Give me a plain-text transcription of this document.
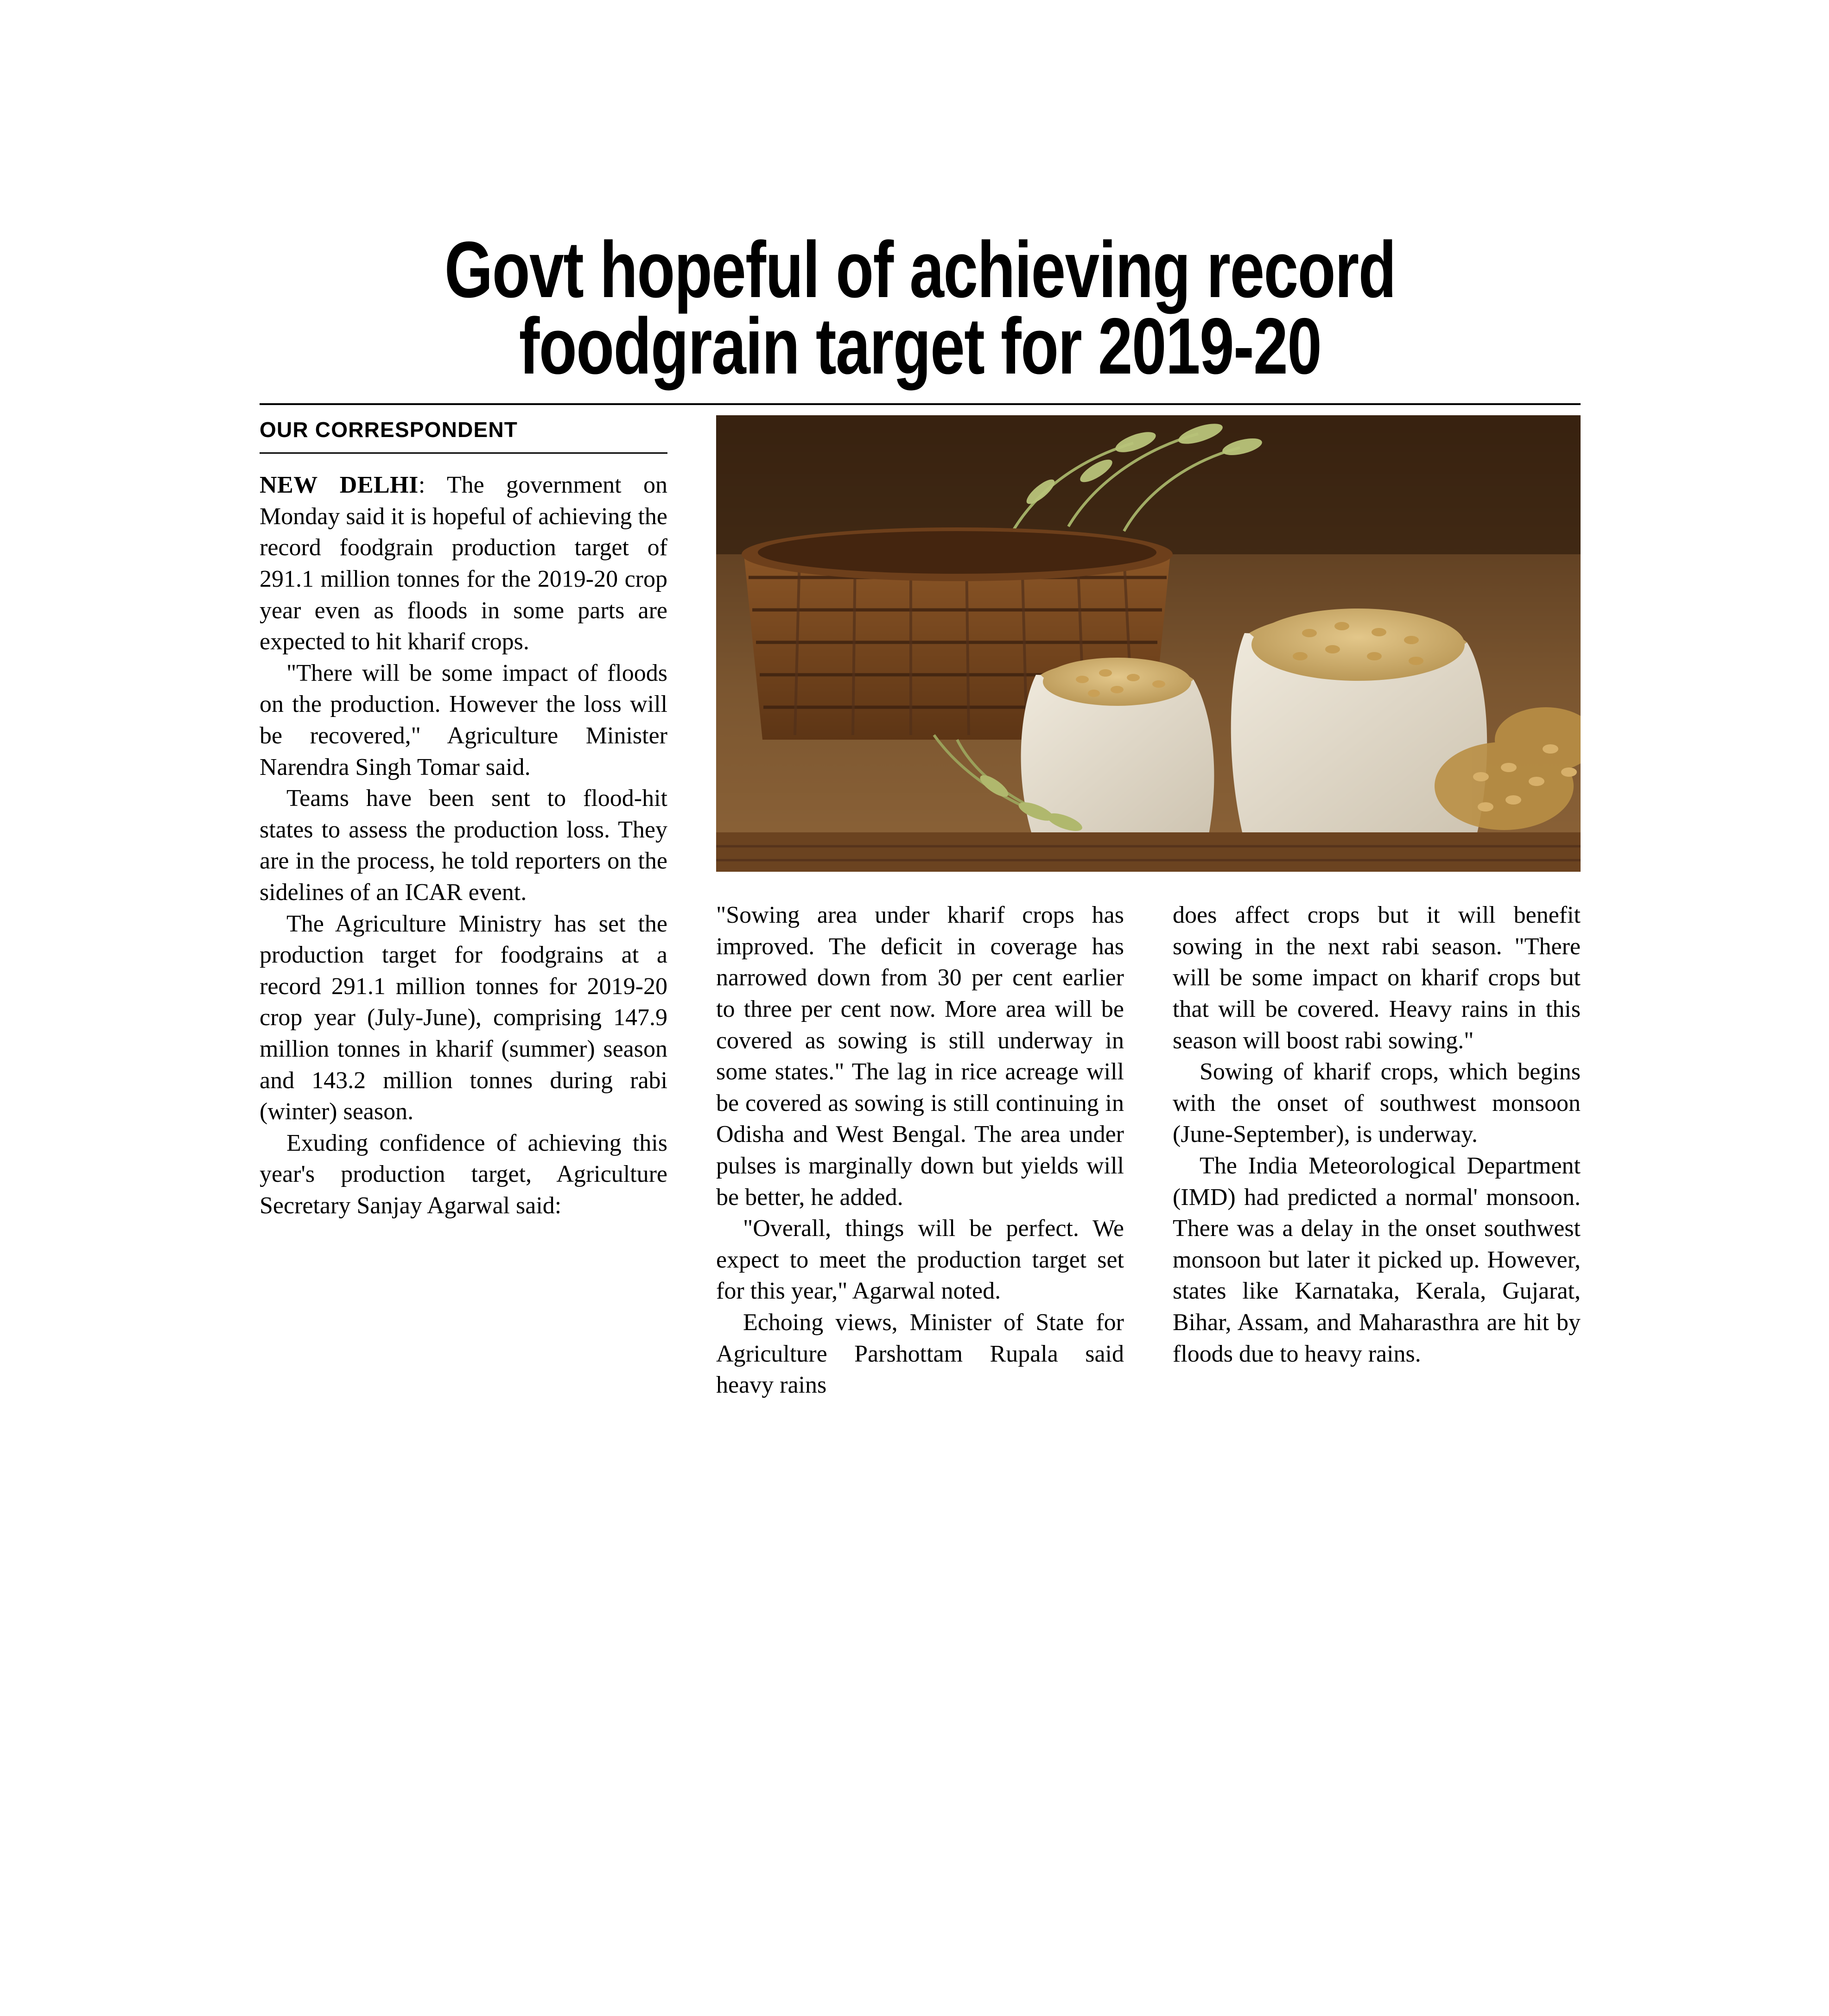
Govt hopeful of achieving record
foodgrain target for 2019-20
OUR CORRESPONDENT

NEW DELHI: The government on Monday said it is hopeful of achieving the record foodgrain production target of 291.1 million tonnes for the 2019-20 crop year even as floods in some parts are expected to hit kharif crops.

"There will be some impact of floods on the production. However the loss will be recovered," Agriculture Minister Narendra Singh Tomar said.

Teams have been sent to flood-hit states to assess the production loss. They are in the process, he told reporters on the sidelines of an ICAR event.

The Agriculture Ministry has set the production target for foodgrains at a record 291.1 million tonnes for 2019-20 crop year (July-June), comprising 147.9 million tonnes in kharif (summer) season and 143.2 million tonnes during rabi (winter) season.

Exuding confidence of achieving this year's production target, Agriculture Secretary Sanjay Agarwal said:

"Sowing area under kharif crops has improved. The deficit in coverage has narrowed down from 30 per cent earlier to three per cent now. More area will be covered as sowing is still underway in some states." The lag in rice acreage will be covered as sowing is still continuing in Odisha and West Bengal. The area under pulses is marginally down but yields will be better, he added.

"Overall, things will be perfect. We expect to meet the production target set for this year," Agarwal noted.

Echoing views, Minister of State for Agriculture Parshottam Rupala said heavy rains

does affect crops but it will benefit sowing in the next rabi season. "There will be some impact on kharif crops but that will be covered. Heavy rains in this season will boost rabi sowing."

Sowing of kharif crops, which begins with the onset of southwest monsoon (June-September), is underway.

The India Meteorological Department (IMD) had predicted a normal' monsoon. There was a delay in the onset southwest monsoon but later it picked up. However, states like Karnataka, Kerala, Gujarat, Bihar, Assam, and Maharasthra are hit by floods due to heavy rains.
